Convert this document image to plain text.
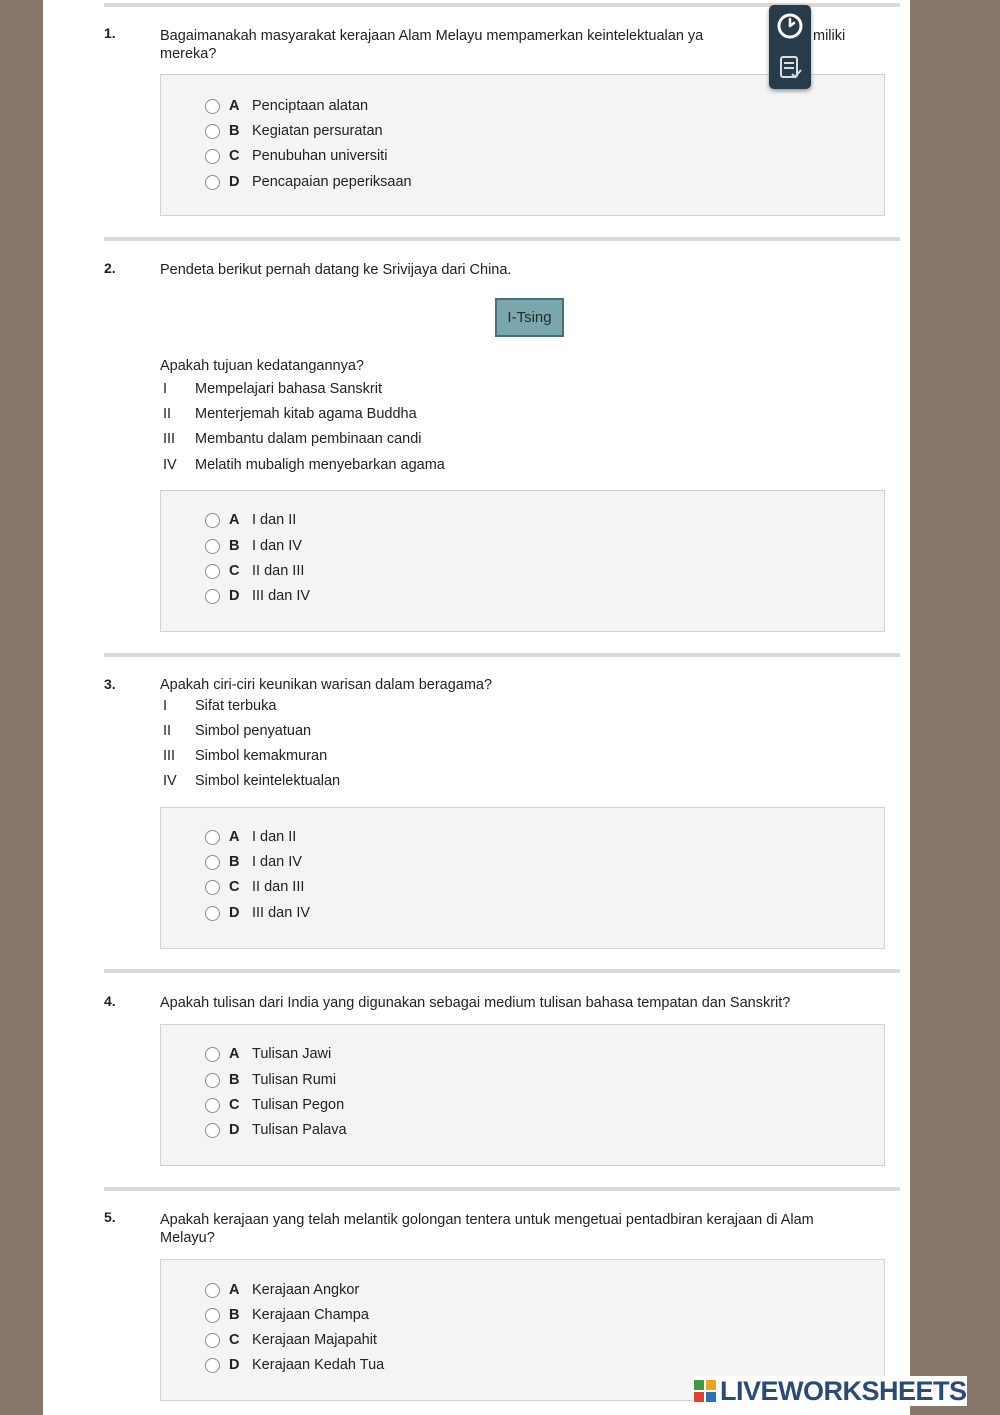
1.	Bagaimanakah masyarakat kerajaan Alam Melayu mempamerkan keintelektualan ya
mereka?
miliki
A Penciptaan alatan
B Kegiatan persuratan
C Penubuhan universiti
D Pencapaian peperiksaan
2.	Pendeta berikut pernah datang ke Srivijaya dari China.
I-Tsing
Apakah tujuan kedatangannya?
I Mempelajari bahasa Sanskrit
II Menterjemah kitab agama Buddha
III Membantu dalam pembinaan candi
IV Melatih mubaligh menyebarkan agama
A I dan II
B I dan IV
C II dan III
D III dan IV
3.	Apakah ciri-ciri keunikan warisan dalam beragama?
I Sifat terbuka
II Simbol penyatuan
III Simbol kemakmuran
IV Simbol keintelektualan
A I dan II
B I dan IV
C II dan III
D III dan IV
4.	Apakah tulisan dari India yang digunakan sebagai medium tulisan bahasa tempatan dan Sanskrit?
A Tulisan Jawi
B Tulisan Rumi
C Tulisan Pegon
D Tulisan Palava
5.	Apakah kerajaan yang telah melantik golongan tentera untuk mengetuai pentadbiran kerajaan di Alam
Melayu?
A Kerajaan Angkor
B Kerajaan Champa
C Kerajaan Majapahit
D Kerajaan Kedah Tua
LIVEWORKSHEETS
